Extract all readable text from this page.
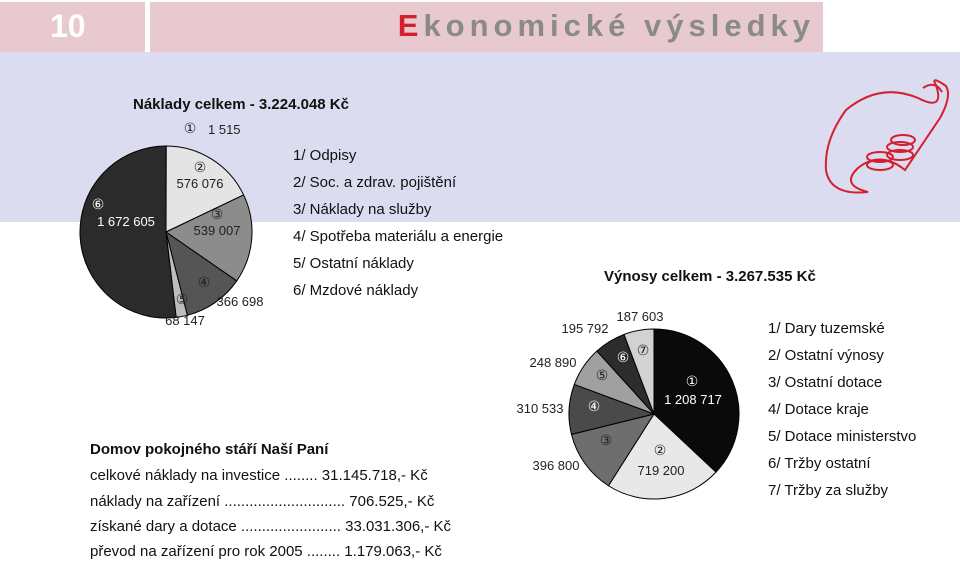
10	Ekonomické výsledky
Náklady celkem - 3.224.048 Kč
1/ Odpisy
2/ Soc. a zdrav. pojištění
3/ Náklady na služby
4/ Spotřeba materiálu a energie
5/ Ostatní náklady
6/ Mzdové náklady
Výnosy celkem - 3.267.535 Kč
1/ Dary tuzemské
2/ Ostatní výnosy
3/ Ostatní dotace
4/ Dotace kraje
5/ Dotace ministerstvo
6/ Tržby ostatní
7/ Tržby za služby
Domov pokojného stáří Naší Paní
celkové náklady na investice ........ 31.145.718,- Kč
náklady na zařízení ............................. 706.525,- Kč
získané dary a dotace ........................ 33.031.306,- Kč
převod na zařízení pro rok 2005 ........ 1.179.063,- Kč
① 1 515
②
576 076
③
539 007
④
366 698
⑤
68 147
⑥
1 672 605
①
1 208 717
②
719 200
③
396 800
④
310 533
⑤
248 890	⑥
195 792
⑦
187 603
